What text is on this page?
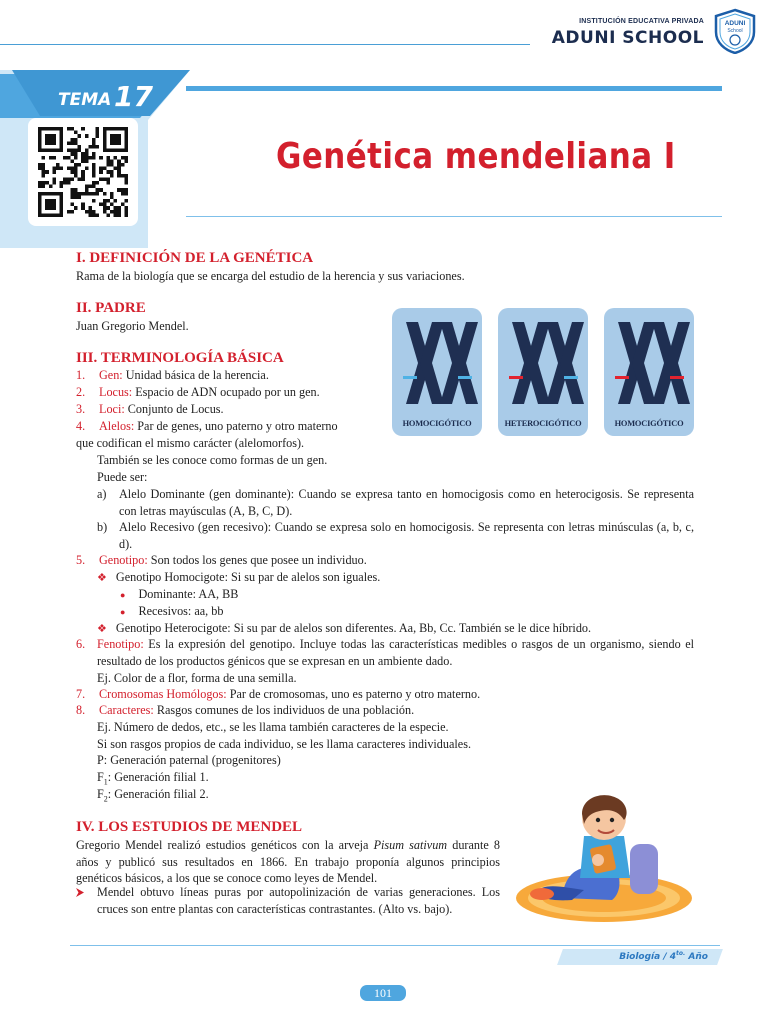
INSTITUCIÓN EDUCATIVA PRIVADA
ADUNI SCHOOL
ADUNI
School
TEMA 17
Genética mendeliana I
I. DEFINICIÓN DE LA GENÉTICA
Rama de la biología que se encarga del estudio de la herencia y sus variaciones.
II. PADRE
Juan Gregorio Mendel.
HOMOCIGÓTICO	HETEROCIGÓTICO	HOMOCIGÓTICO
III. TERMINOLOGÍA BÁSICA
1. Gen: Unidad básica de la herencia.
2. Locus: Espacio de ADN ocupado por un gen.
3. Loci: Conjunto de Locus.
4. Alelos: Par de genes, uno paterno y otro materno
que codifican el mismo carácter (alelomorfos).
También se les conoce como formas de un gen.
Puede ser:
a) Alelo Dominante (gen dominante): Cuando se expresa tanto en homocigosis como en heterocigosis. Se representa con letras mayúsculas (A, B, C, D).
b) Alelo Recesivo (gen recesivo): Cuando se expresa solo en homocigosis. Se representa con letras minúsculas (a, b, c, d).
5. Genotipo: Son todos los genes que posee un individuo.
❖ Genotipo Homocigote: Si su par de alelos son iguales.
● Dominante: AA, BB
● Recesivos: aa, bb
❖ Genotipo Heterocigote: Si su par de alelos son diferentes. Aa, Bb, Cc. También se le dice híbrido.
6. Fenotipo: Es la expresión del genotipo. Incluye todas las características medibles o rasgos de un organismo, siendo el resultado de los productos génicos que se expresan en un ambiente dado.
Ej. Color de a flor, forma de una semilla.
7. Cromosomas Homólogos: Par de cromosomas, uno es paterno y otro materno.
8. Caracteres: Rasgos comunes de los individuos de una población.
Ej. Número de dedos, etc., se les llama también caracteres de la especie.
Si son rasgos propios de cada individuo, se les llama caracteres individuales.
P: Generación paternal (progenitores)
$F_1$: Generación filial 1.
$F_2$: Generación filial 2.
IV. LOS ESTUDIOS DE MENDEL
Gregorio Mendel realizó estudios genéticos con la arveja Pisum sativum durante 8 años y publicó sus resultados en 1866. En trabajo proponía algunos principios genéticos básicos, a los que se conoce como leyes de Mendel.
Mendel obtuvo líneas puras por autopolinización de varias generaciones. Los cruces son entre plantas con características contrastantes. (Alto vs. bajo).
Biología / $4^{to.}$ Año
101
